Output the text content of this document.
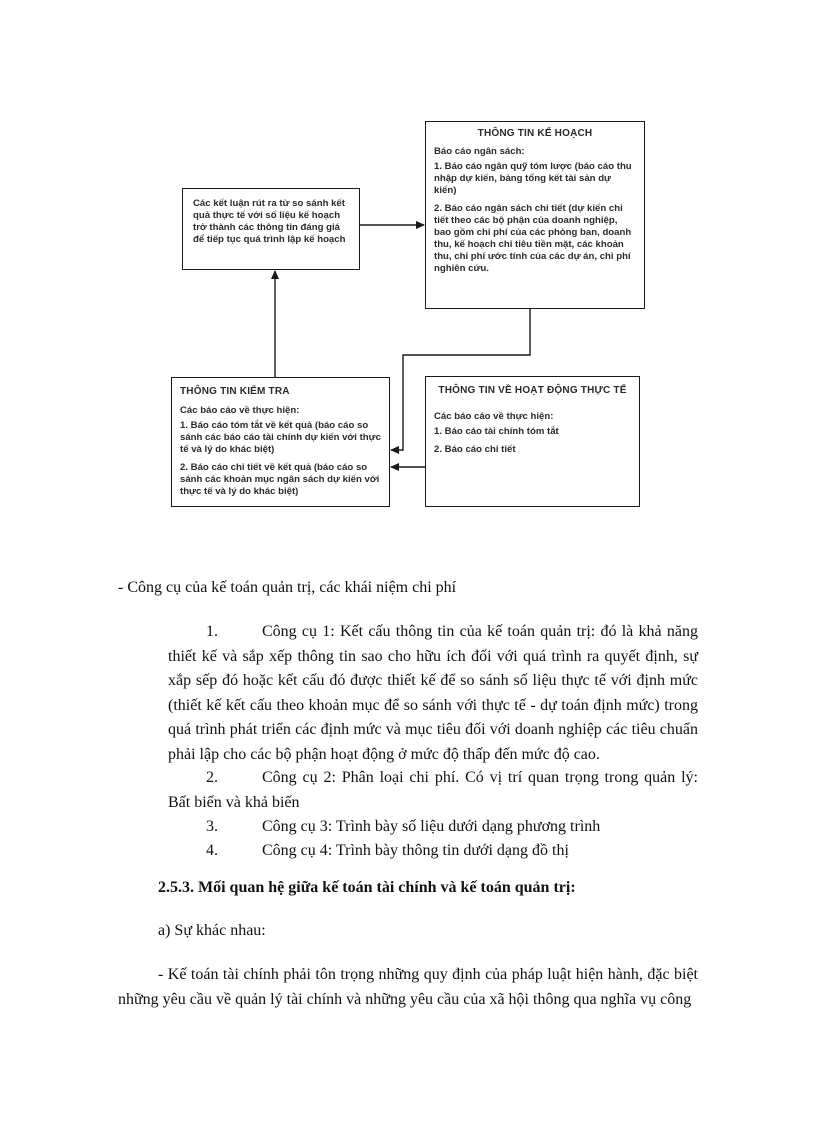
THÔNG TIN KẾ HOẠCH
Báo cáo ngân sách:
1. Báo cáo ngân quỹ tóm lược (báo cáo thu nhập dự kiến, bảng tổng kết tài sản dự kiến)
2. Báo cáo ngân sách chi tiết (dự kiến chi tiết theo các bộ phận của doanh nghiệp, bao gồm chi phí của các phòng ban, doanh thu, kế hoạch chi tiêu tiền mặt, các khoản thu, chi phí ước tính của các dự án, chi phí nghiên cứu.
Các kết luận rút ra từ so sánh kết quả thực tế với số liệu kế hoạch trở thành các thông tin đáng giá để tiếp tục quá trình lập kế hoạch
THÔNG TIN KIỂM TRA
Các báo cáo về thực hiện:
1. Báo cáo tóm tắt về kết quả (báo cáo so sánh các báo cáo tài chính dự kiến với thực tế và lý do khác biệt)
2. Báo cáo chi tiết về kết quả (báo cáo so sánh các khoản mục ngân sách dự kiến với thực tế và lý do khác biệt)
THÔNG TIN VỀ HOẠT ĐỘNG THỰC TẾ
Các báo cáo về thực hiện:
1. Báo cáo tài chính tóm tắt
2. Báo cáo chi tiết
- Công cụ của kế toán quản trị, các khái niệm chi phí
1.	Công cụ 1: Kết cấu thông tin của kế toán quản trị: đó là khả năng
thiết kế và sắp xếp thông tin sao cho hữu ích đối với quá trình ra quyết định, sự xắp sếp đó hoặc kết cấu đó được thiết kế để so sánh số liệu thực tế với định mức (thiết kế kết cấu theo khoản mục để so sánh với thực tế - dự toán định mức) trong quá trình phát triển các định mức và mục tiêu đối với doanh nghiệp các tiêu chuẩn phải lập cho các bộ phận hoạt động ở mức độ thấp đến mức độ cao.
2.	Công cụ 2: Phân loại chi phí. Có vị trí quan trọng trong quản lý:
Bất biến và khả biến
3.	Công cụ 3: Trình bày số liệu dưới dạng phương trình
4.	Công cụ 4: Trình bày thông tin dưới dạng đồ thị
2.5.3. Mối quan hệ giữa kế toán tài chính và kế toán quản trị:
a) Sự khác nhau:
- Kế toán tài chính phải tôn trọng những quy định của pháp luật hiện hành, đặc biệt những yêu cầu về quản lý tài chính và những yêu cầu của xã hội thông qua nghĩa vụ công
